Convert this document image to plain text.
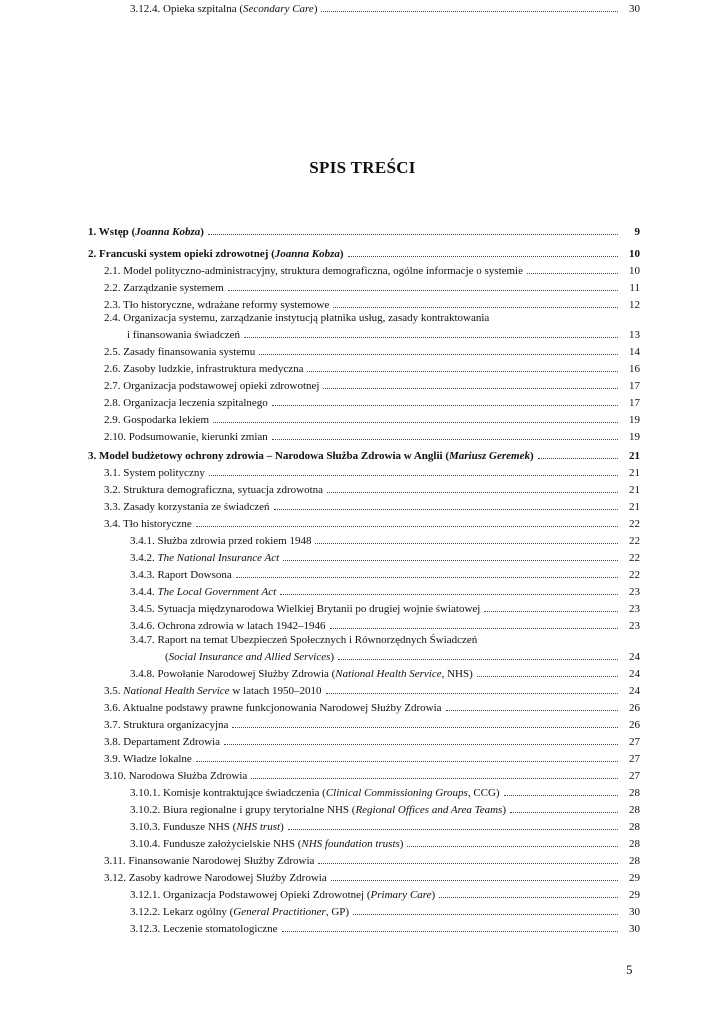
SPIS TREŚCI
1. Wstęp (Joanna Kobza)	9
2. Francuski system opieki zdrowotnej (Joanna Kobza)	10
2.1. Model polityczno-administracyjny, struktura demograficzna, ogólne informacje o systemie	10
2.2. Zarządzanie systemem	11
2.3. Tło historyczne, wdrażane reformy systemowe	12
2.4. Organizacja systemu, zarządzanie instytucją płatnika usług, zasady kontraktowania
i finansowania świadczeń	13
2.5. Zasady finansowania systemu	14
2.6. Zasoby ludzkie, infrastruktura medyczna	16
2.7. Organizacja podstawowej opieki zdrowotnej	17
2.8. Organizacja leczenia szpitalnego	17
2.9. Gospodarka lekiem	19
2.10. Podsumowanie, kierunki zmian	19
3. Model budżetowy ochrony zdrowia – Narodowa Służba Zdrowia w Anglii (Mariusz Geremek)	21
3.1. System polityczny	21
3.2. Struktura demograficzna, sytuacja zdrowotna	21
3.3. Zasady korzystania ze świadczeń	21
3.4. Tło historyczne	22
3.4.1. Służba zdrowia przed rokiem 1948	22
3.4.2. The National Insurance Act	22
3.4.3. Raport Dowsona	22
3.4.4. The Local Government Act	23
3.4.5. Sytuacja międzynarodowa Wielkiej Brytanii po drugiej wojnie światowej	23
3.4.6. Ochrona zdrowia w latach 1942–1946	23
3.4.7. Raport na temat Ubezpieczeń Społecznych i Równorzędnych Świadczeń
(Social Insurance and Allied Services)	24
3.4.8. Powołanie Narodowej Służby Zdrowia (National Health Service, NHS)	24
3.5. National Health Service w latach 1950–2010	24
3.6. Aktualne podstawy prawne funkcjonowania Narodowej Służby Zdrowia	26
3.7. Struktura organizacyjna	26
3.8. Departament Zdrowia	27
3.9. Władze lokalne	27
3.10. Narodowa Służba Zdrowia	27
3.10.1. Komisje kontraktujące świadczenia (Clinical Commissioning Groups, CCG)	28
3.10.2. Biura regionalne i grupy terytorialne NHS (Regional Offices and Area Teams)	28
3.10.3. Fundusze NHS (NHS trust)	28
3.10.4. Fundusze założycielskie NHS (NHS foundation trusts)	28
3.11. Finansowanie Narodowej Służby Zdrowia	28
3.12. Zasoby kadrowe Narodowej Służby Zdrowia	29
3.12.1. Organizacja Podstawowej Opieki Zdrowotnej (Primary Care)	29
3.12.2. Lekarz ogólny (General Practitioner, GP)	30
3.12.3. Leczenie stomatologiczne	30
3.12.4. Opieka szpitalna (Secondary Care)	30
5
